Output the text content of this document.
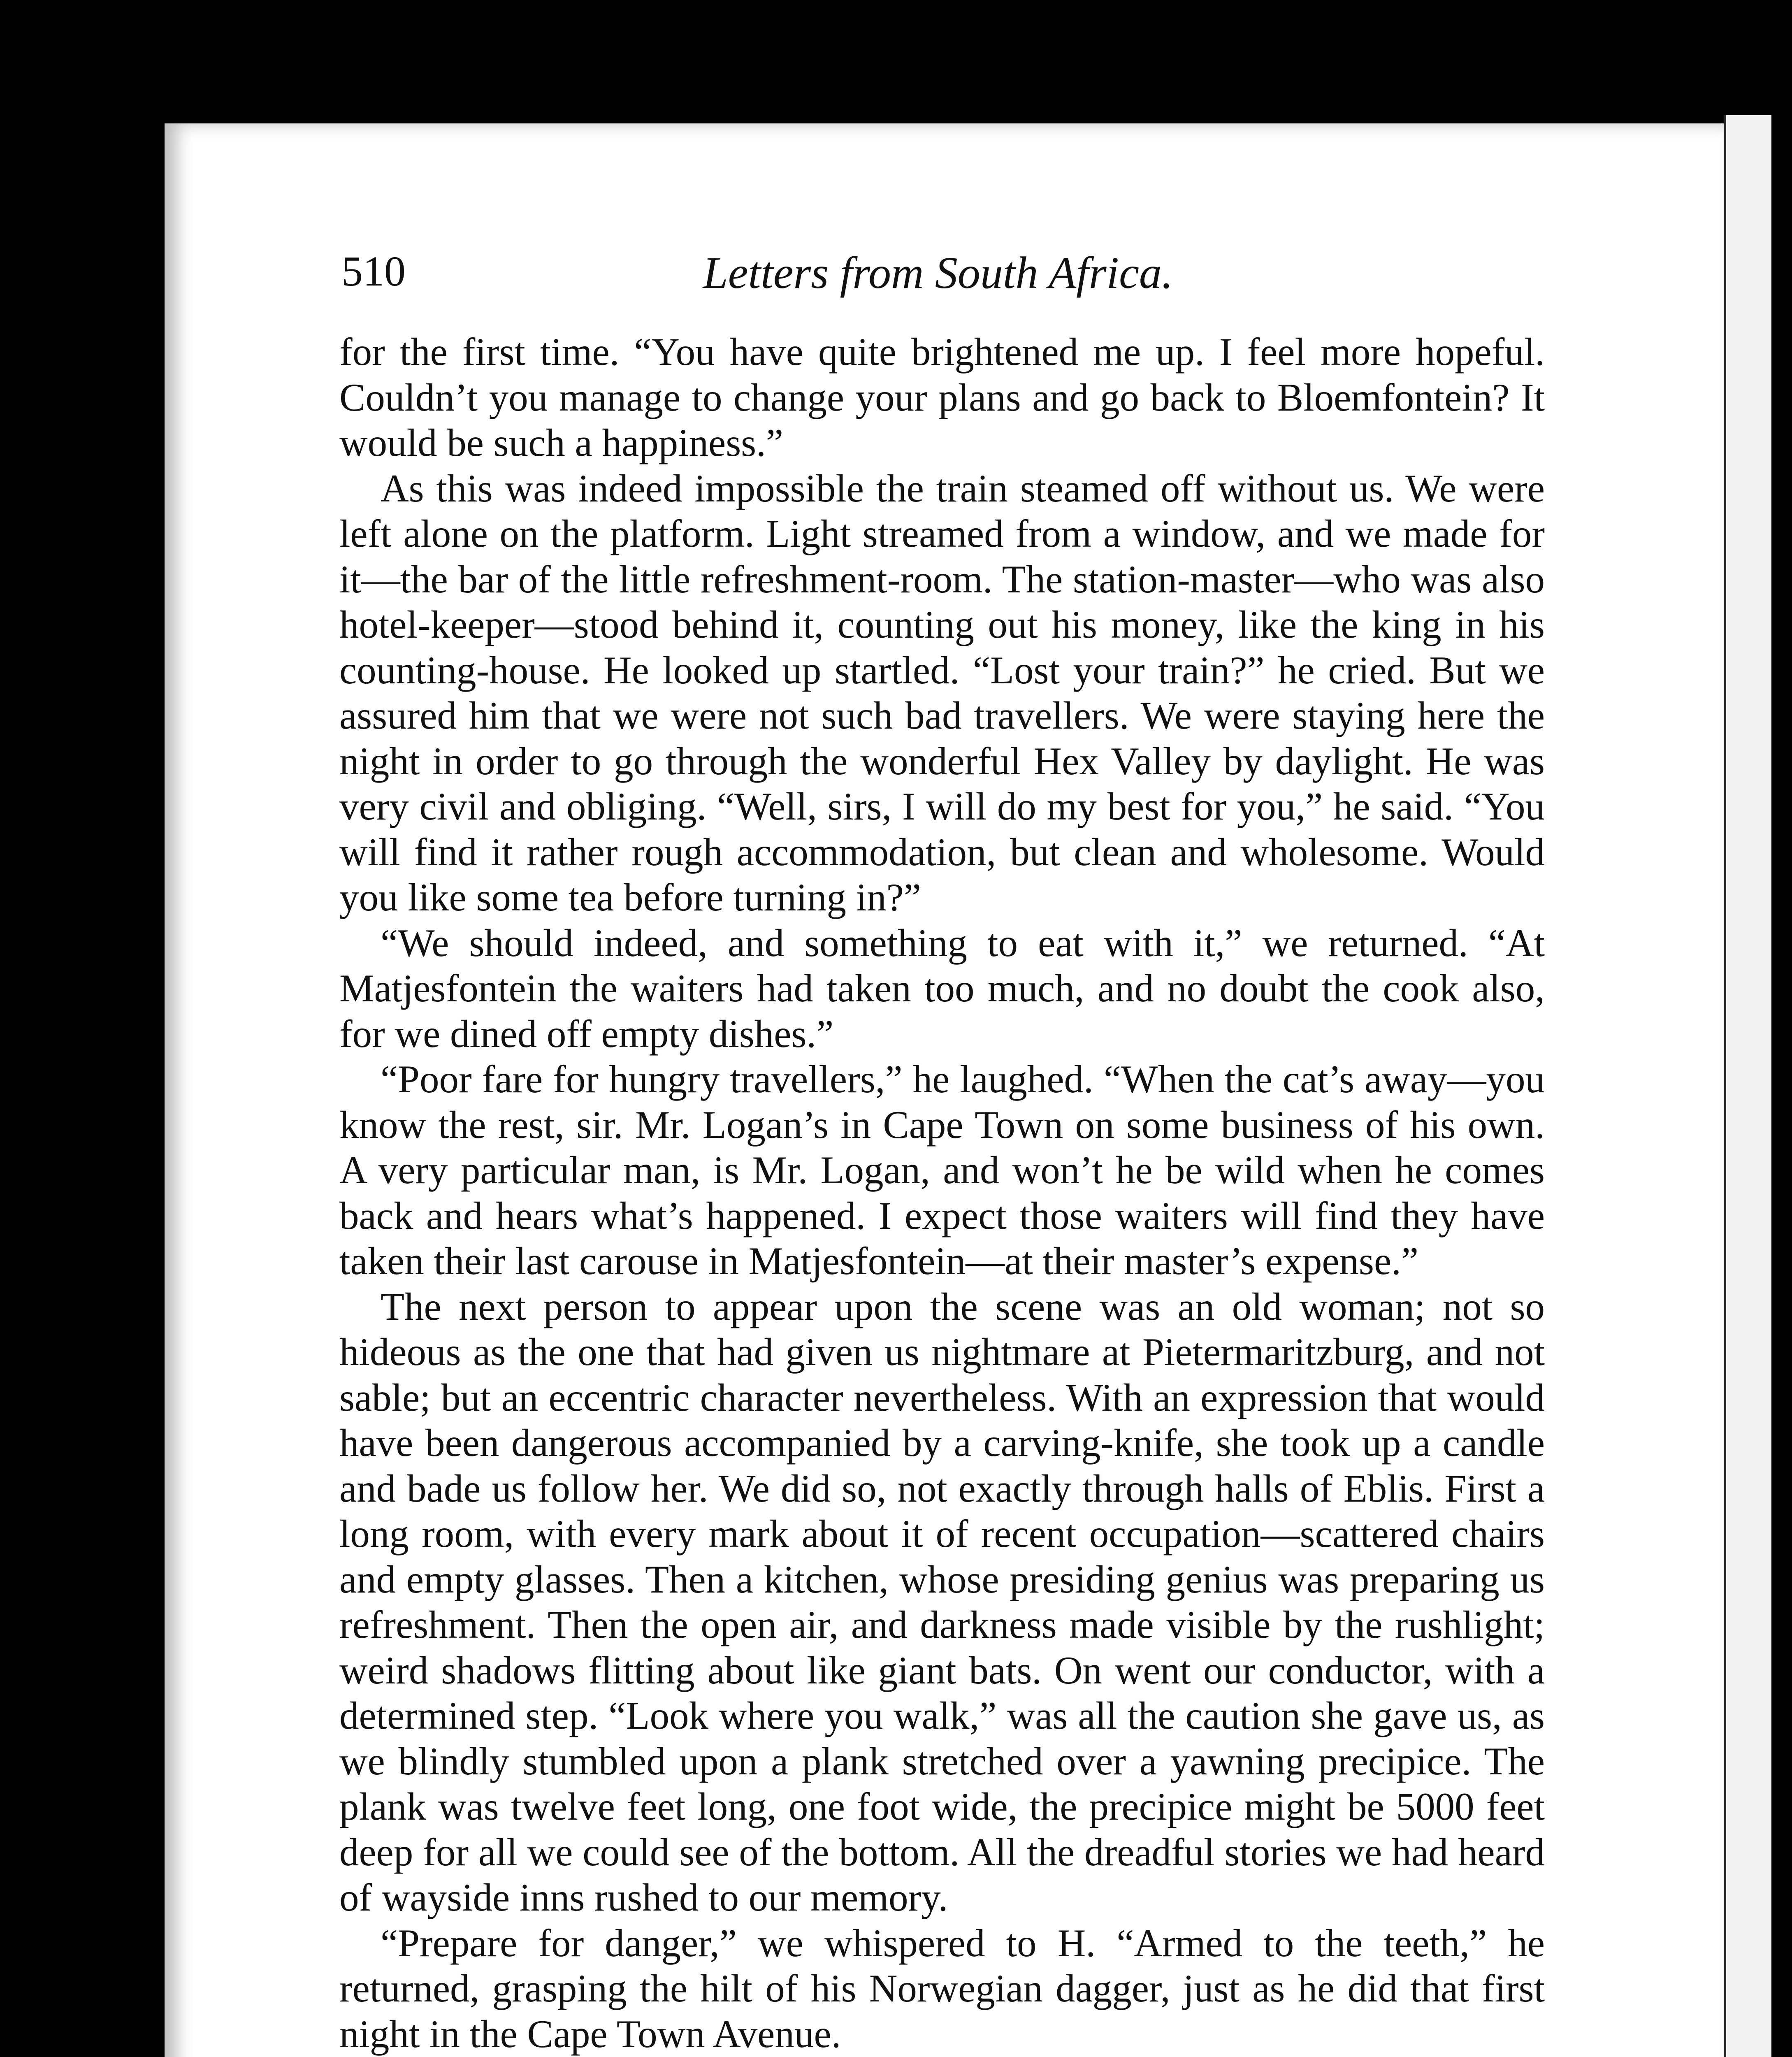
510	Letters from South Africa.

for the first time. “You have quite brightened me up. I feel more hopeful. Couldn’t you manage to change your plans and go back to Bloemfontein? It would be such a happiness.”

As this was indeed impossible the train steamed off without us. We were left alone on the platform. Light streamed from a window, and we made for it—the bar of the little refreshment-room. The station-master—who was also hotel-keeper—stood behind it, counting out his money, like the king in his counting-house. He looked up startled. “Lost your train?” he cried. But we assured him that we were not such bad travellers. We were staying here the night in order to go through the wonderful Hex Valley by daylight. He was very civil and obliging. “Well, sirs, I will do my best for you,” he said. “You will find it rather rough accommodation, but clean and wholesome. Would you like some tea before turning in?”

“We should indeed, and something to eat with it,” we returned. “At Matjesfontein the waiters had taken too much, and no doubt the cook also, for we dined off empty dishes.”

“Poor fare for hungry travellers,” he laughed. “When the cat’s away—you know the rest, sir. Mr. Logan’s in Cape Town on some business of his own. A very particular man, is Mr. Logan, and won’t he be wild when he comes back and hears what’s happened. I expect those waiters will find they have taken their last carouse in Matjesfontein—at their master’s expense.”

The next person to appear upon the scene was an old woman; not so hideous as the one that had given us nightmare at Pietermaritzburg, and not sable; but an eccentric character nevertheless. With an expression that would have been dangerous accompanied by a carving-knife, she took up a candle and bade us follow her. We did so, not exactly through halls of Eblis. First a long room, with every mark about it of recent occupation—scattered chairs and empty glasses. Then a kitchen, whose presiding genius was preparing us refreshment. Then the open air, and darkness made visible by the rushlight; weird shadows flitting about like giant bats. On went our conductor, with a determined step. “Look where you walk,” was all the caution she gave us, as we blindly stumbled upon a plank stretched over a yawning precipice. The plank was twelve feet long, one foot wide, the precipice might be 5000 feet deep for all we could see of the bottom. All the dreadful stories we had heard of wayside inns rushed to our memory.

“Prepare for danger,” we whispered to H. “Armed to the teeth,” he returned, grasping the hilt of his Norwegian dagger, just as he did that first night in the Cape Town Avenue.
